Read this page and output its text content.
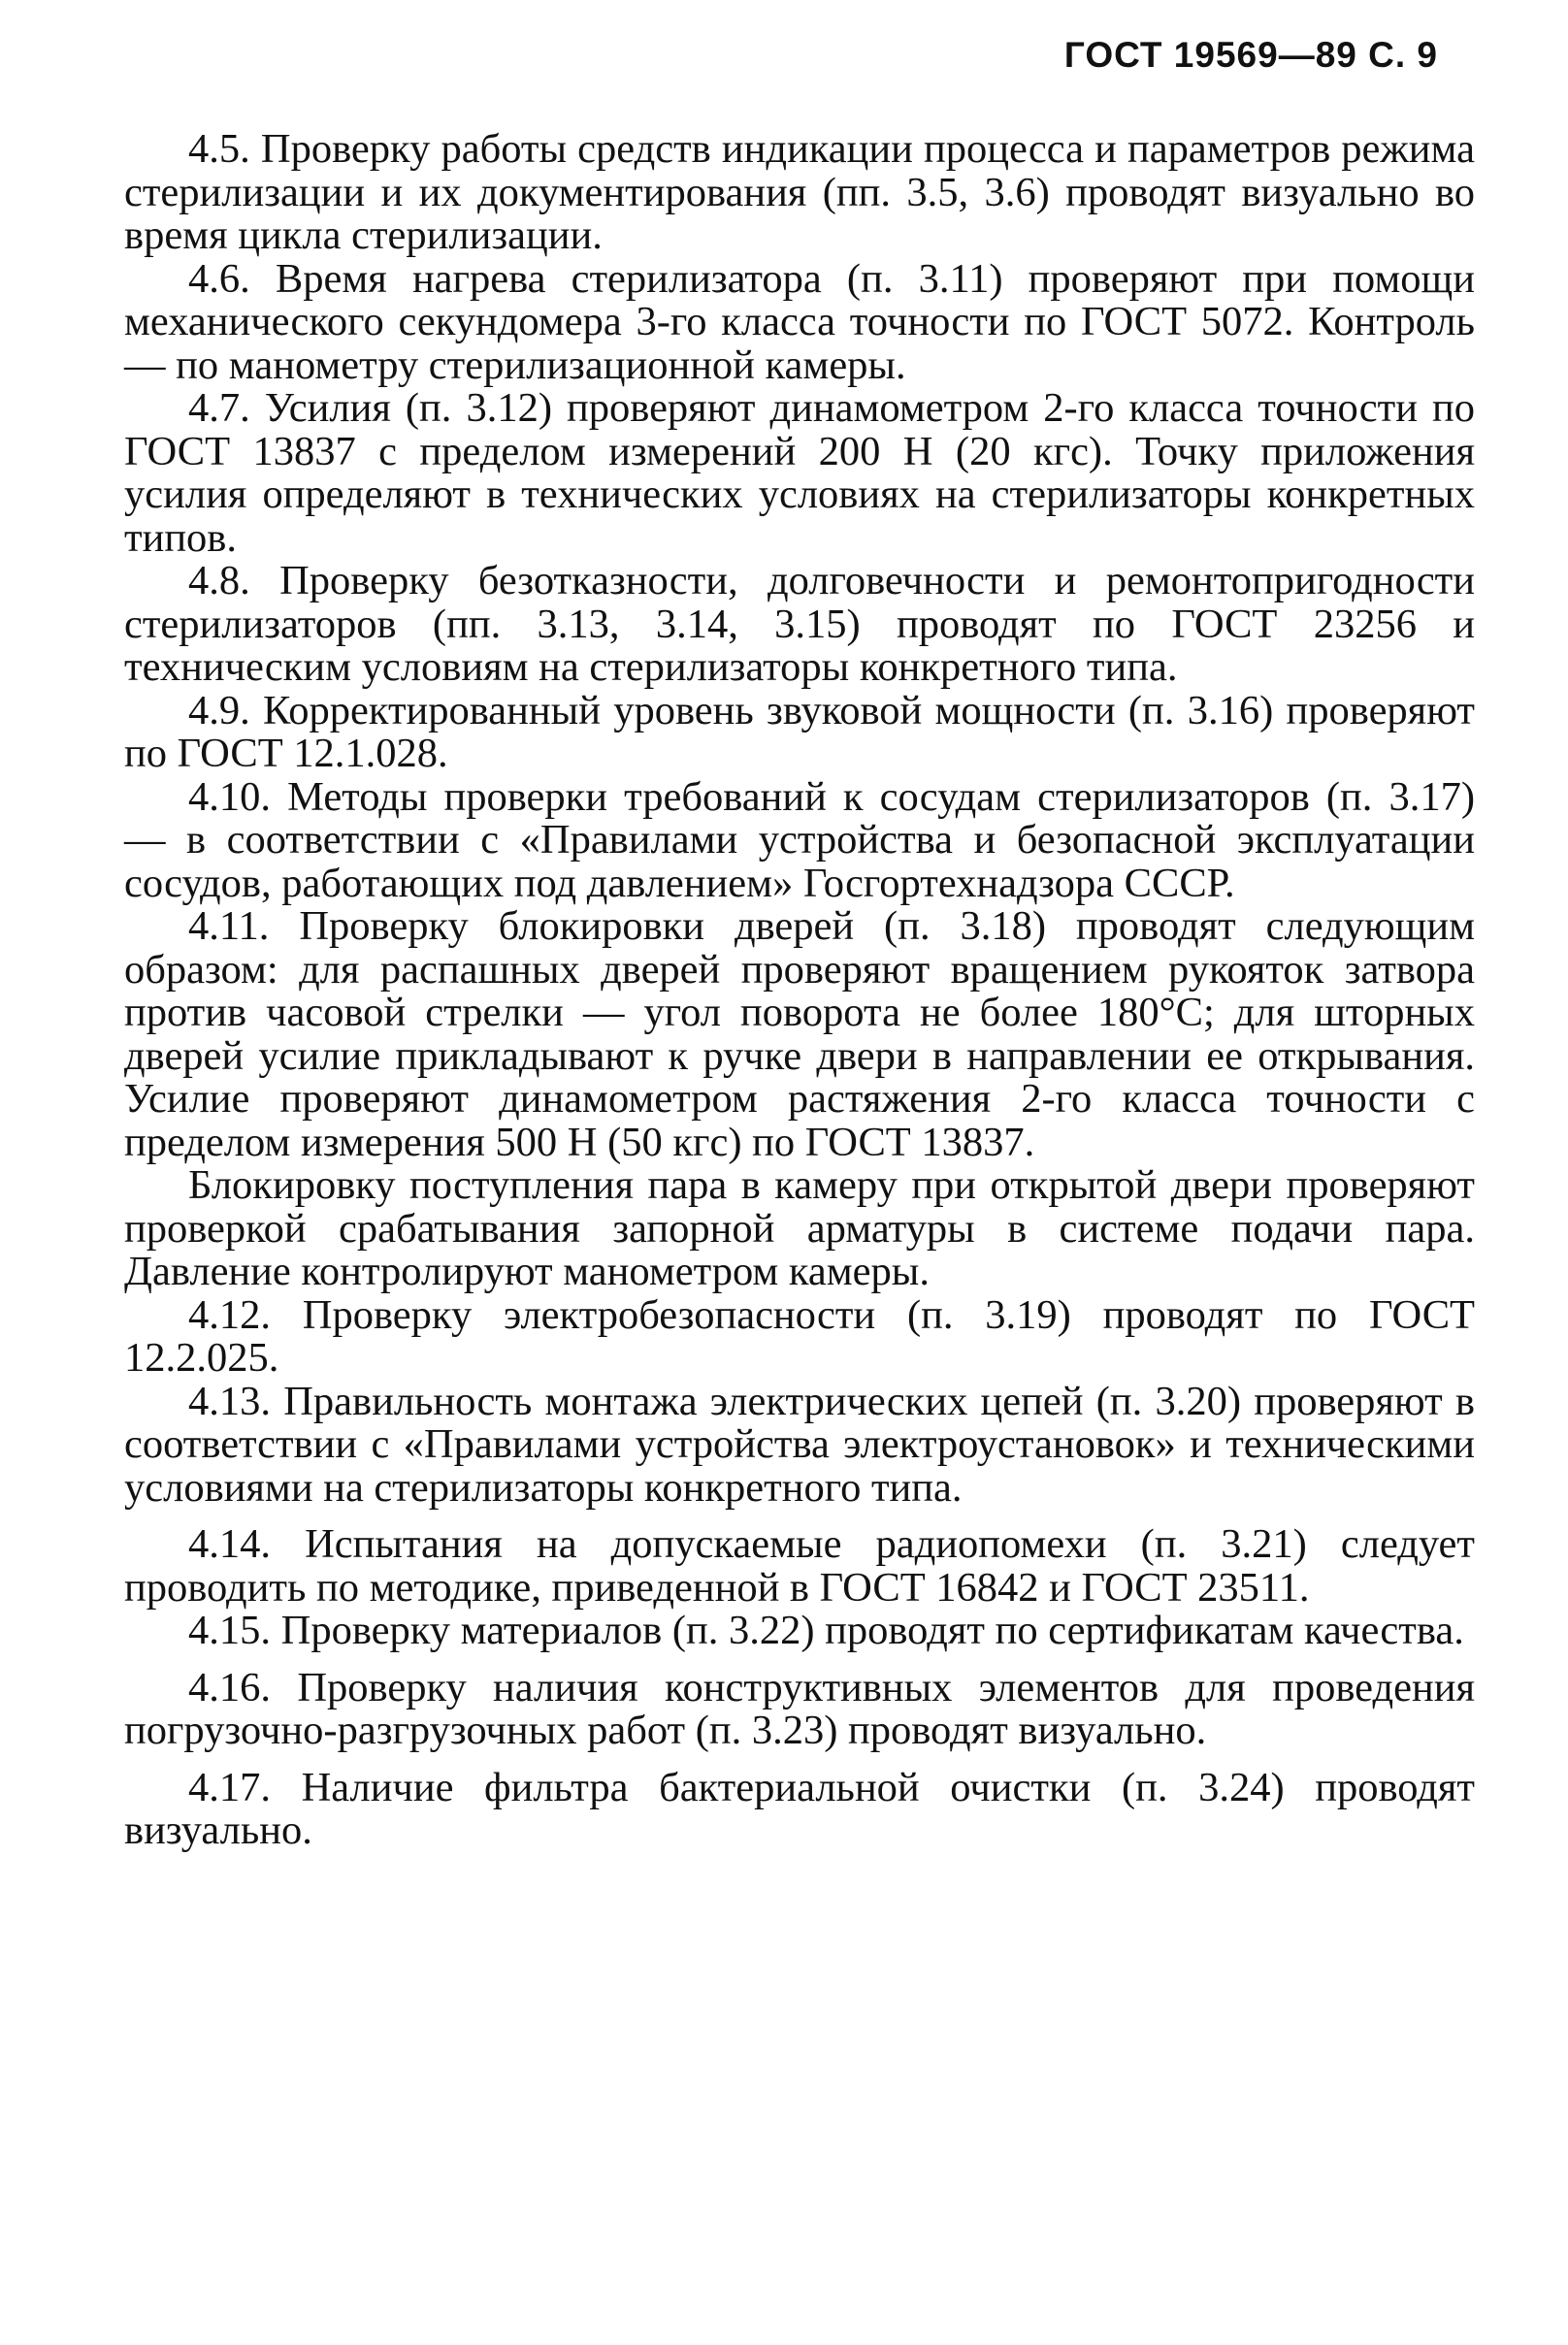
ГОСТ 19569—89 С. 9

4.5. Проверку работы средств индикации процесса и параметров режима стерилизации и их документирования (пп. 3.5, 3.6) проводят визуально во время цикла стерилизации.

4.6. Время нагрева стерилизатора (п. 3.11) проверяют при помощи механического секундомера 3-го класса точности по ГОСТ 5072. Контроль — по манометру стерилизационной камеры.

4.7. Усилия (п. 3.12) проверяют динамометром 2-го класса точности по ГОСТ 13837 с пределом измерений 200 Н (20 кгс). Точку приложения усилия определяют в технических условиях на стерилизаторы конкретных типов.

4.8. Проверку безотказности, долговечности и ремонтопригодности стерилизаторов (пп. 3.13, 3.14, 3.15) проводят по ГОСТ 23256 и техническим условиям на стерилизаторы конкретного типа.

4.9. Корректированный уровень звуковой мощности (п. 3.16) проверяют по ГОСТ 12.1.028.

4.10. Методы проверки требований к сосудам стерилизаторов (п. 3.17) — в соответствии с «Правилами устройства и безопасной эксплуатации сосудов, работающих под давлением» Госгортехнадзора СССР.

4.11. Проверку блокировки дверей (п. 3.18) проводят следующим образом: для распашных дверей проверяют вращением рукояток затвора против часовой стрелки — угол поворота не более 180°С; для шторных дверей усилие прикладывают к ручке двери в направлении ее открывания. Усилие проверяют динамометром растяжения 2-го класса точности с пределом измерения 500 Н (50 кгс) по ГОСТ 13837.

Блокировку поступления пара в камеру при открытой двери проверяют проверкой срабатывания запорной арматуры в системе подачи пара. Давление контролируют манометром камеры.

4.12. Проверку электробезопасности (п. 3.19) проводят по ГОСТ 12.2.025.

4.13. Правильность монтажа электрических цепей (п. 3.20) проверяют в соответствии с «Правилами устройства электроустановок» и техническими условиями на стерилизаторы конкретного типа.

4.14. Испытания на допускаемые радиопомехи (п. 3.21) следует проводить по методике, приведенной в ГОСТ 16842 и ГОСТ 23511.

4.15. Проверку материалов (п. 3.22) проводят по сертификатам качества.

4.16. Проверку наличия конструктивных элементов для проведения погрузочно-разгрузочных работ (п. 3.23) проводят визуально.

4.17. Наличие фильтра бактериальной очистки (п. 3.24) проводят визуально.
